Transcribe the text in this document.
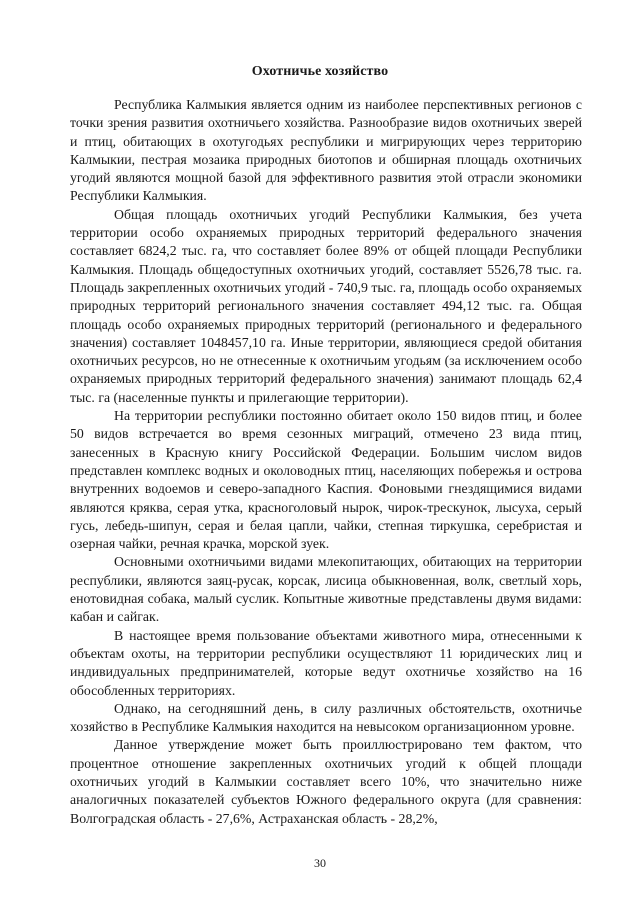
Охотничье хозяйство

Республика Калмыкия является одним из наиболее перспективных регионов с точки зрения развития охотничьего хозяйства. Разнообразие видов охотничьих зверей и птиц, обитающих в охотугодьях республики и мигрирующих через территорию Калмыкии, пестрая мозаика природных биотопов и обширная площадь охотничьих угодий являются мощной базой для эффективного развития этой отрасли экономики Республики Калмыкия.

Общая площадь охотничьих угодий Республики Калмыкия, без учета территории особо охраняемых природных территорий федерального значения составляет 6824,2 тыс. га, что составляет более 89% от общей площади Республики Калмыкия. Площадь общедоступных охотничьих угодий, составляет 5526,78 тыс. га. Площадь закрепленных охотничьих угодий - 740,9 тыс. га, площадь особо охраняемых природных территорий регионального значения составляет 494,12 тыс. га. Общая площадь особо охраняемых природных территорий (регионального и федерального значения) составляет 1048457,10 га. Иные территории, являющиеся средой обитания охотничьих ресурсов, но не отнесенные к охотничьим угодьям (за исключением особо охраняемых природных территорий федерального значения) занимают площадь 62,4 тыс. га (населенные пункты и прилегающие территории).

На территории республики постоянно обитает около 150 видов птиц, и более 50 видов встречается во время сезонных миграций, отмечено 23 вида птиц, занесенных в Красную книгу Российской Федерации. Большим числом видов представлен комплекс водных и околоводных птиц, населяющих побережья и острова внутренних водоемов и северо-западного Каспия. Фоновыми гнездящимися видами являются кряква, серая утка, красноголовый нырок, чирок-трескунок, лысуха, серый гусь, лебедь-шипун, серая и белая цапли, чайки, степная тиркушка, серебристая и озерная чайки, речная крачка, морской зуек.

Основными охотничьими видами млекопитающих, обитающих на территории республики, являются заяц-русак, корсак, лисица обыкновенная, волк, светлый хорь, енотовидная собака, малый суслик. Копытные животные представлены двумя видами: кабан и сайгак.

В настоящее время пользование объектами животного мира, отнесенными к объектам охоты, на территории республики осуществляют 11 юридических лиц и индивидуальных предпринимателей, которые ведут охотничье хозяйство на 16 обособленных территориях.

Однако, на сегодняшний день, в силу различных обстоятельств, охотничье хозяйство в Республике Калмыкия находится на невысоком организационном уровне.

Данное утверждение может быть проиллюстрировано тем фактом, что процентное отношение закрепленных охотничьих угодий к общей площади охотничьих угодий в Калмыкии составляет всего 10%, что значительно ниже аналогичных показателей субъектов Южного федерального округа (для сравнения: Волгоградская область - 27,6%, Астраханская область - 28,2%,

30
